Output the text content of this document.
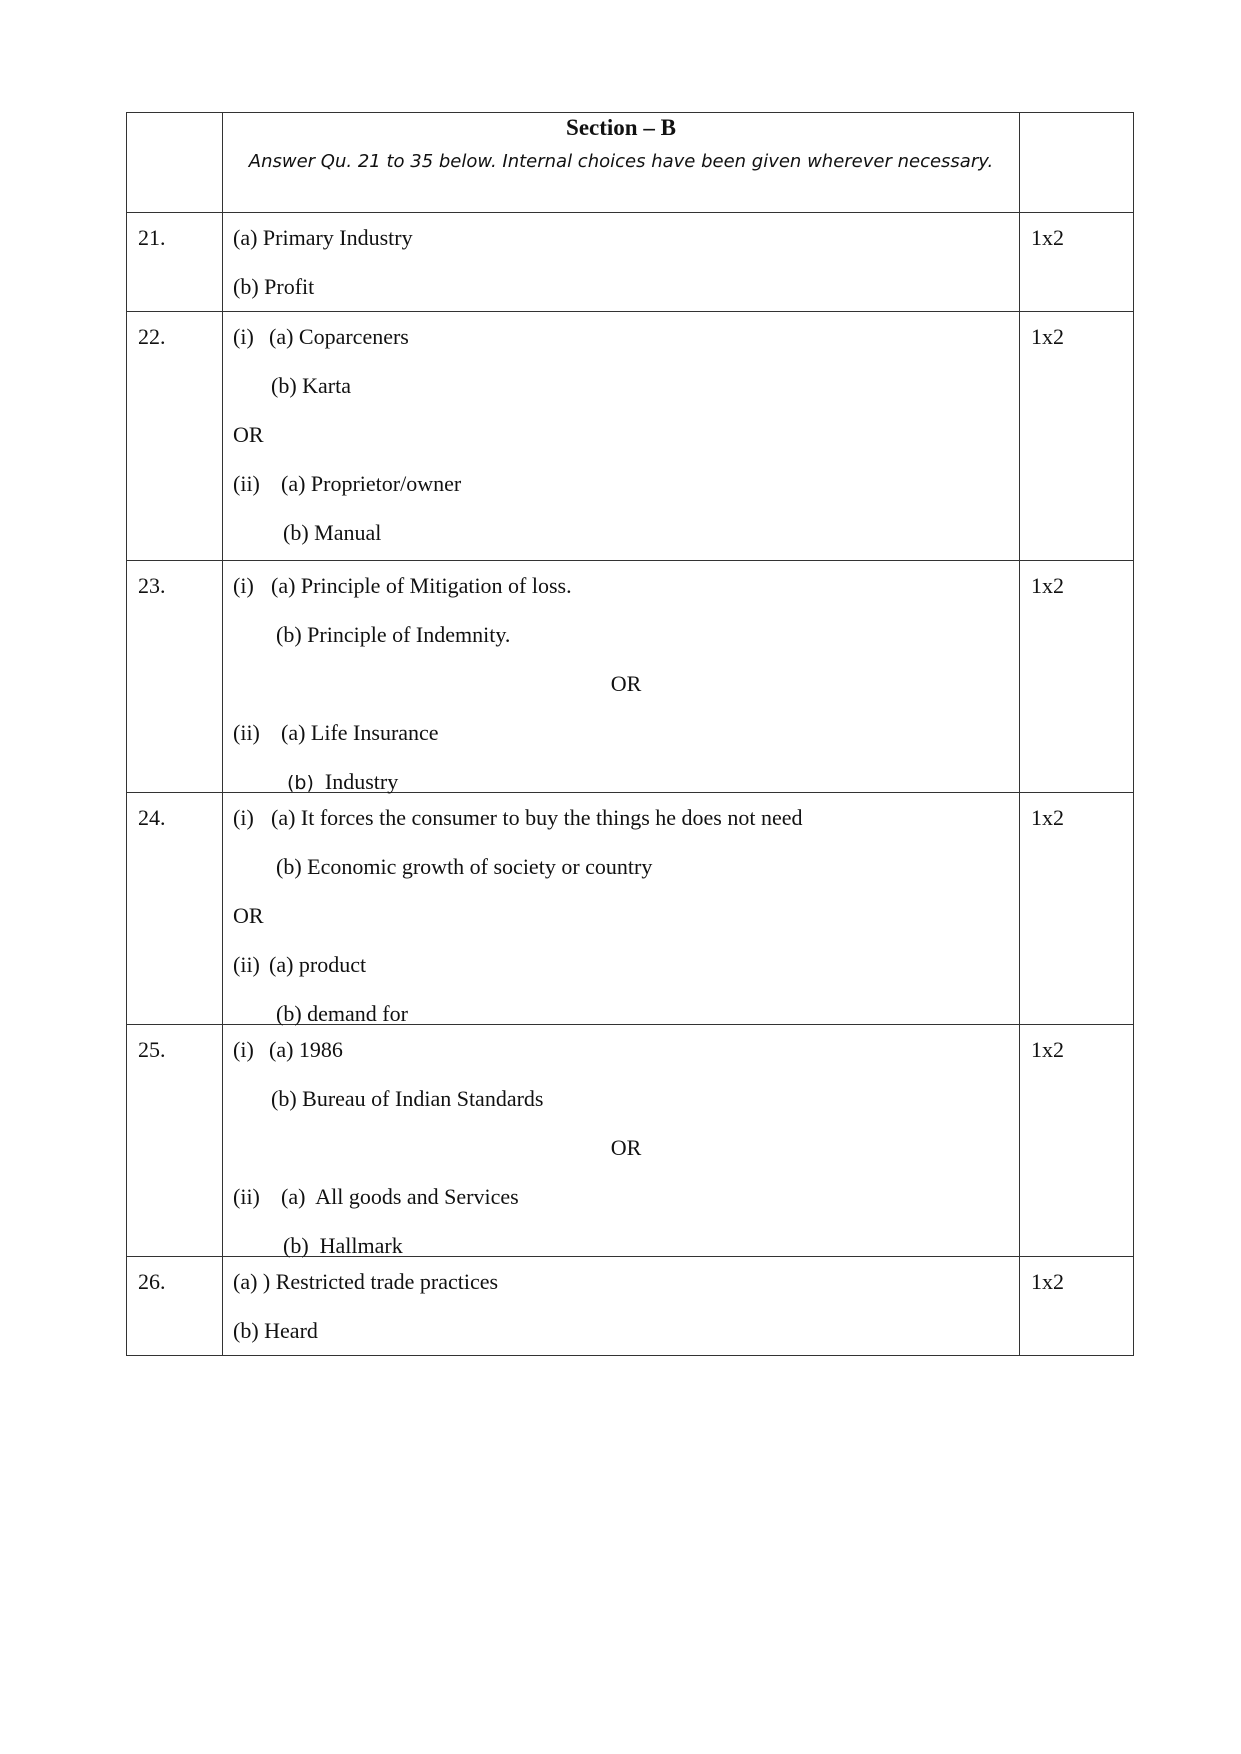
	Section – B
Answer Qu. 21 to 35 below. Internal choices have been given wherever necessary.	

21.	(a) Primary Industry
(b) Profit	1x2
22.	(i) (a) Coparceners
(b) Karta
OR
(ii) (a) Proprietor/owner
(b) Manual	1x2
23.	(i) (a) Principle of Mitigation of loss.
(b) Principle of Indemnity.
OR
(ii) (a) Life Insurance
(b) Industry	1x2
24.	(i) (a) It forces the consumer to buy the things he does not need
(b) Economic growth of society or country
OR
(ii) (a) product
(b) demand for	1x2
25.	(i) (a) 1986
(b) Bureau of Indian Standards
OR
(ii) (a) All goods and Services
(b) Hallmark	1x2
26.	(a) ) Restricted trade practices
(b) Heard	1x2
